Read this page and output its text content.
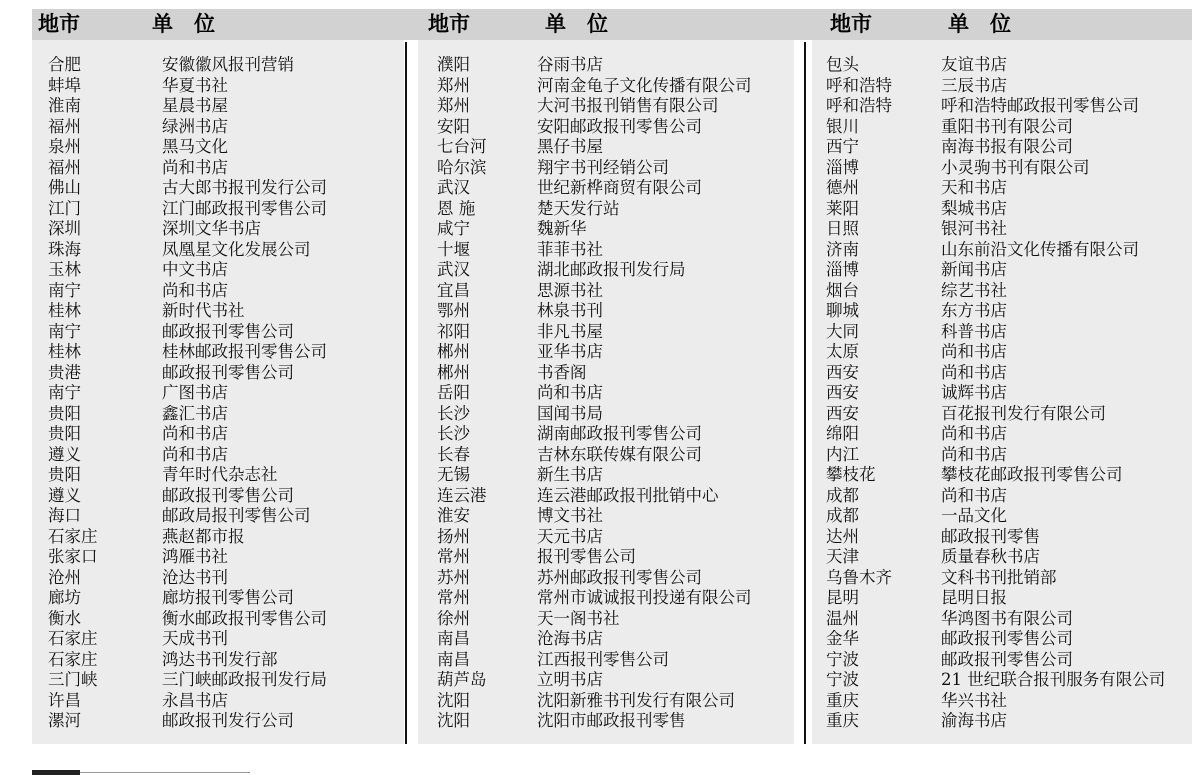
地市	单　位	地市	单　位	地市	单　位
合肥	安徽徽风报刊营销
蚌埠	华夏书社
淮南	星晨书屋
福州	绿洲书店
泉州	黑马文化
福州	尚和书店
佛山	古大郎书报刊发行公司
江门	江门邮政报刊零售公司
深圳	深圳文华书店
珠海	凤凰星文化发展公司
玉林	中文书店
南宁	尚和书店
桂林	新时代书社
南宁	邮政报刊零售公司
桂林	桂林邮政报刊零售公司
贵港	邮政报刊零售公司
南宁	广图书店
贵阳	鑫汇书店
贵阳	尚和书店
遵义	尚和书店
贵阳	青年时代杂志社
遵义	邮政报刊零售公司
海口	邮政局报刊零售公司
石家庄	燕赵都市报
张家口	鸿雁书社
沧州	沧达书刊
廊坊	廊坊报刊零售公司
衡水	衡水邮政报刊零售公司
石家庄	天成书刊
石家庄	鸿达书刊发行部
三门峡	三门峡邮政报刊发行局
许昌	永昌书店
漯河	邮政报刊发行公司
濮阳	谷雨书店
郑州	河南金龟子文化传播有限公司
郑州	大河书报刊销售有限公司
安阳	安阳邮政报刊零售公司
七台河	黑仔书屋
哈尔滨	翔宇书刊经销公司
武汉	世纪新桦商贸有限公司
恩 施	楚天发行站
咸宁	魏新华
十堰	菲菲书社
武汉	湖北邮政报刊发行局
宜昌	思源书社
鄂州	林泉书刊
祁阳	非凡书屋
郴州	亚华书店
郴州	书香阁
岳阳	尚和书店
长沙	国闻书局
长沙	湖南邮政报刊零售公司
长春	吉林东联传媒有限公司
无锡	新生书店
连云港	连云港邮政报刊批销中心
淮安	博文书社
扬州	天元书店
常州	报刊零售公司
苏州	苏州邮政报刊零售公司
常州	常州市诚诚报刊投递有限公司
徐州	天一阁书社
南昌	沧海书店
南昌	江西报刊零售公司
葫芦岛	立明书店
沈阳	沈阳新雅书刊发行有限公司
沈阳	沈阳市邮政报刊零售
包头	友谊书店
呼和浩特	三辰书店
呼和浩特	呼和浩特邮政报刊零售公司
银川	重阳书刊有限公司
西宁	南海书报有限公司
淄博	小灵驹书刊有限公司
德州	天和书店
莱阳	梨城书店
日照	银河书社
济南	山东前沿文化传播有限公司
淄博	新闻书店
烟台	综艺书社
聊城	东方书店
大同	科普书店
太原	尚和书店
西安	尚和书店
西安	诚辉书店
西安	百花报刊发行有限公司
绵阳	尚和书店
内江	尚和书店
攀枝花	攀枝花邮政报刊零售公司
成都	尚和书店
成都	一品文化
达州	邮政报刊零售
天津	质量春秋书店
乌鲁木齐	文科书刊批销部
昆明	昆明日报
温州	华鸿图书有限公司
金华	邮政报刊零售公司
宁波	邮政报刊零售公司
宁波	21 世纪联合报刊服务有限公司
重庆	华兴书社
重庆	渝海书店
